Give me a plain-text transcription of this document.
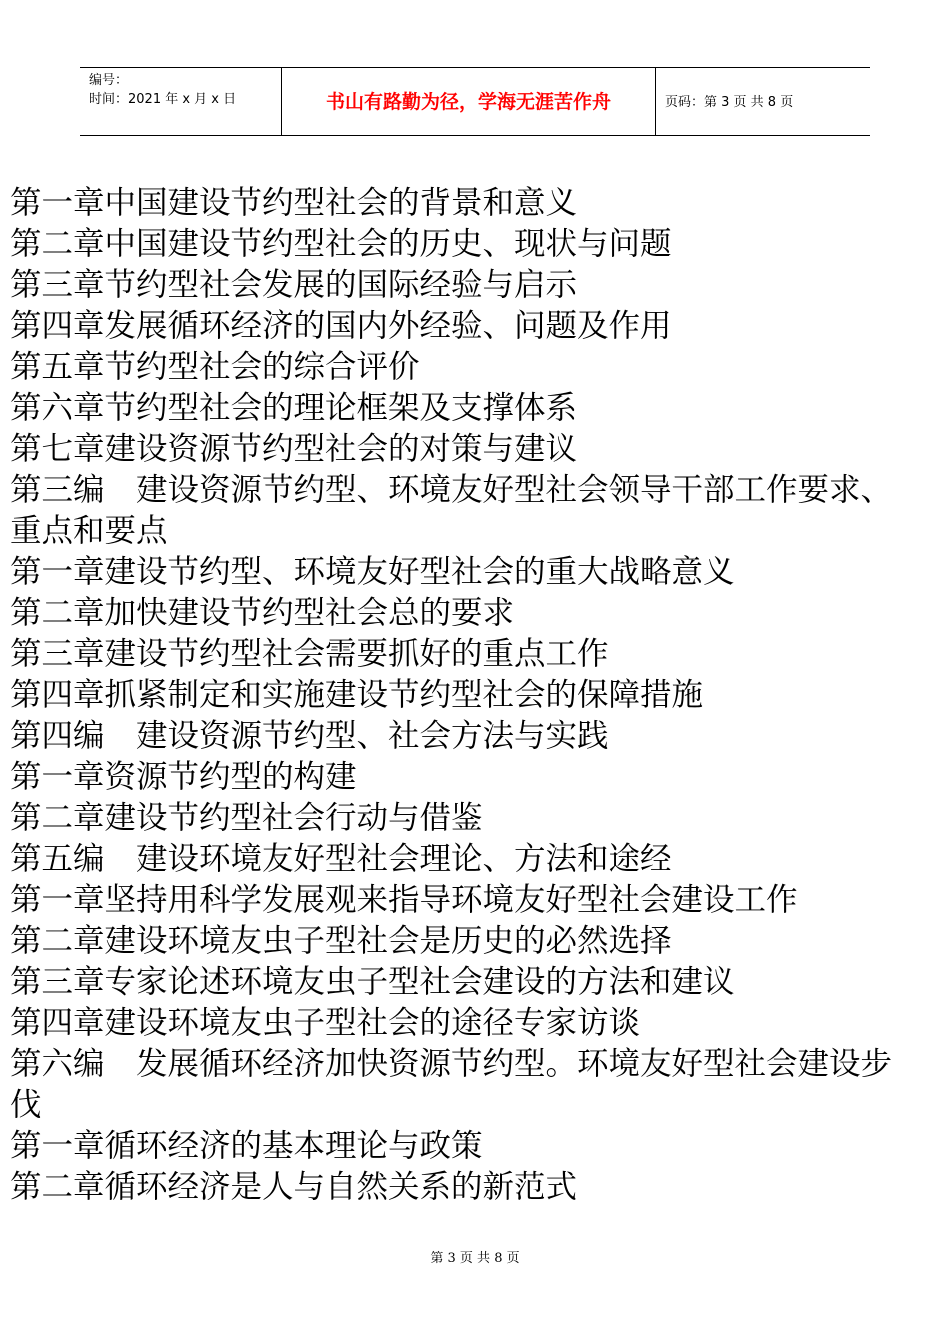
编号：
时间：2021 年 x 月 x 日	书山有路勤为径，学海无涯苦作舟	页码：第 3 页 共 8 页
第一章中国建设节约型社会的背景和意义
第二章中国建设节约型社会的历史、现状与问题
第三章节约型社会发展的国际经验与启示
第四章发展循环经济的国内外经验、问题及作用
第五章节约型社会的综合评价
第六章节约型社会的理论框架及支撑体系
第七章建设资源节约型社会的对策与建议
第三编　建设资源节约型、环境友好型社会领导干部工作要求、重点和要点
第一章建设节约型、环境友好型社会的重大战略意义
第二章加快建设节约型社会总的要求
第三章建设节约型社会需要抓好的重点工作
第四章抓紧制定和实施建设节约型社会的保障措施
第四编　建设资源节约型、社会方法与实践
第一章资源节约型的构建
第二章建设节约型社会行动与借鉴
第五编　建设环境友好型社会理论、方法和途经
第一章坚持用科学发展观来指导环境友好型社会建设工作
第二章建设环境友虫子型社会是历史的必然选择
第三章专家论述环境友虫子型社会建设的方法和建议
第四章建设环境友虫子型社会的途径专家访谈
第六编　发展循环经济加快资源节约型。环境友好型社会建设步伐
第一章循环经济的基本理论与政策
第二章循环经济是人与自然关系的新范式
第 3 页 共 8 页
